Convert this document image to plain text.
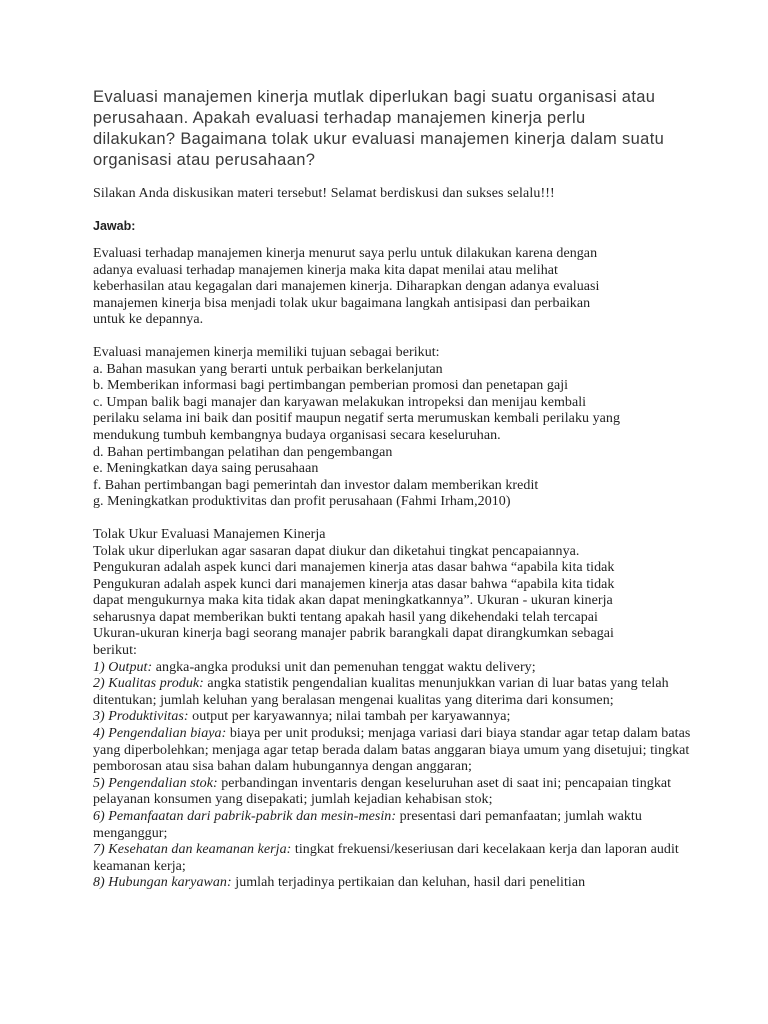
Evaluasi manajemen kinerja mutlak diperlukan bagi suatu organisasi atau
perusahaan. Apakah evaluasi terhadap manajemen kinerja perlu
dilakukan? Bagaimana tolak ukur evaluasi manajemen kinerja dalam suatu
organisasi atau perusahaan?

Silakan Anda diskusikan materi tersebut! Selamat berdiskusi dan sukses selalu!!!

Jawab:

Evaluasi terhadap manajemen kinerja menurut saya perlu untuk dilakukan karena dengan
adanya evaluasi terhadap manajemen kinerja maka kita dapat menilai atau melihat
keberhasilan atau kegagalan dari manajemen kinerja. Diharapkan dengan adanya evaluasi
manajemen kinerja bisa menjadi tolak ukur bagaimana langkah antisipasi dan perbaikan
untuk ke depannya.

Evaluasi manajemen kinerja memiliki tujuan sebagai berikut:

a. Bahan masukan yang berarti untuk perbaikan berkelanjutan

b. Memberikan informasi bagi pertimbangan pemberian promosi dan penetapan gaji

c. Umpan balik bagi manajer dan karyawan melakukan intropeksi dan menijau kembali
perilaku selama ini baik dan positif maupun negatif serta merumuskan kembali perilaku yang
mendukung tumbuh kembangnya budaya organisasi secara keseluruhan.

d. Bahan pertimbangan pelatihan dan pengembangan

e. Meningkatkan daya saing perusahaan

f. Bahan pertimbangan bagi pemerintah dan investor dalam memberikan kredit

g. Meningkatkan produktivitas dan profit perusahaan (Fahmi Irham,2010)

Tolak Ukur Evaluasi Manajemen Kinerja

Tolak ukur diperlukan agar sasaran dapat diukur dan diketahui tingkat pencapaiannya.
Pengukuran adalah aspek kunci dari manajemen kinerja atas dasar bahwa “apabila kita tidak
Pengukuran adalah aspek kunci dari manajemen kinerja atas dasar bahwa “apabila kita tidak
dapat mengukurnya maka kita tidak akan dapat meningkatkannya”. Ukuran - ukuran kinerja
seharusnya dapat memberikan bukti tentang apakah hasil yang dikehendaki telah tercapai
Ukuran-ukuran kinerja bagi seorang manajer pabrik barangkali dapat dirangkumkan sebagai
berikut:

1) Output: angka-angka produksi unit dan pemenuhan tenggat waktu delivery;

2) Kualitas produk: angka statistik pengendalian kualitas menunjukkan varian di luar batas yang telah ditentukan; jumlah keluhan yang beralasan mengenai kualitas yang diterima dari konsumen;

3) Produktivitas: output per karyawannya; nilai tambah per karyawannya;

4) Pengendalian biaya: biaya per unit produksi; menjaga variasi dari biaya standar agar tetap dalam batas yang diperbolehkan; menjaga agar tetap berada dalam batas anggaran biaya umum yang disetujui; tingkat pemborosan atau sisa bahan dalam hubungannya dengan anggaran;

5) Pengendalian stok: perbandingan inventaris dengan keseluruhan aset di saat ini; pencapaian tingkat pelayanan konsumen yang disepakati; jumlah kejadian kehabisan stok;

6) Pemanfaatan dari pabrik-pabrik dan mesin-mesin: presentasi dari pemanfaatan; jumlah waktu menganggur;

7) Kesehatan dan keamanan kerja: tingkat frekuensi/keseriusan dari kecelakaan kerja dan laporan audit keamanan kerja;

8) Hubungan karyawan: jumlah terjadinya pertikaian dan keluhan, hasil dari penelitian
